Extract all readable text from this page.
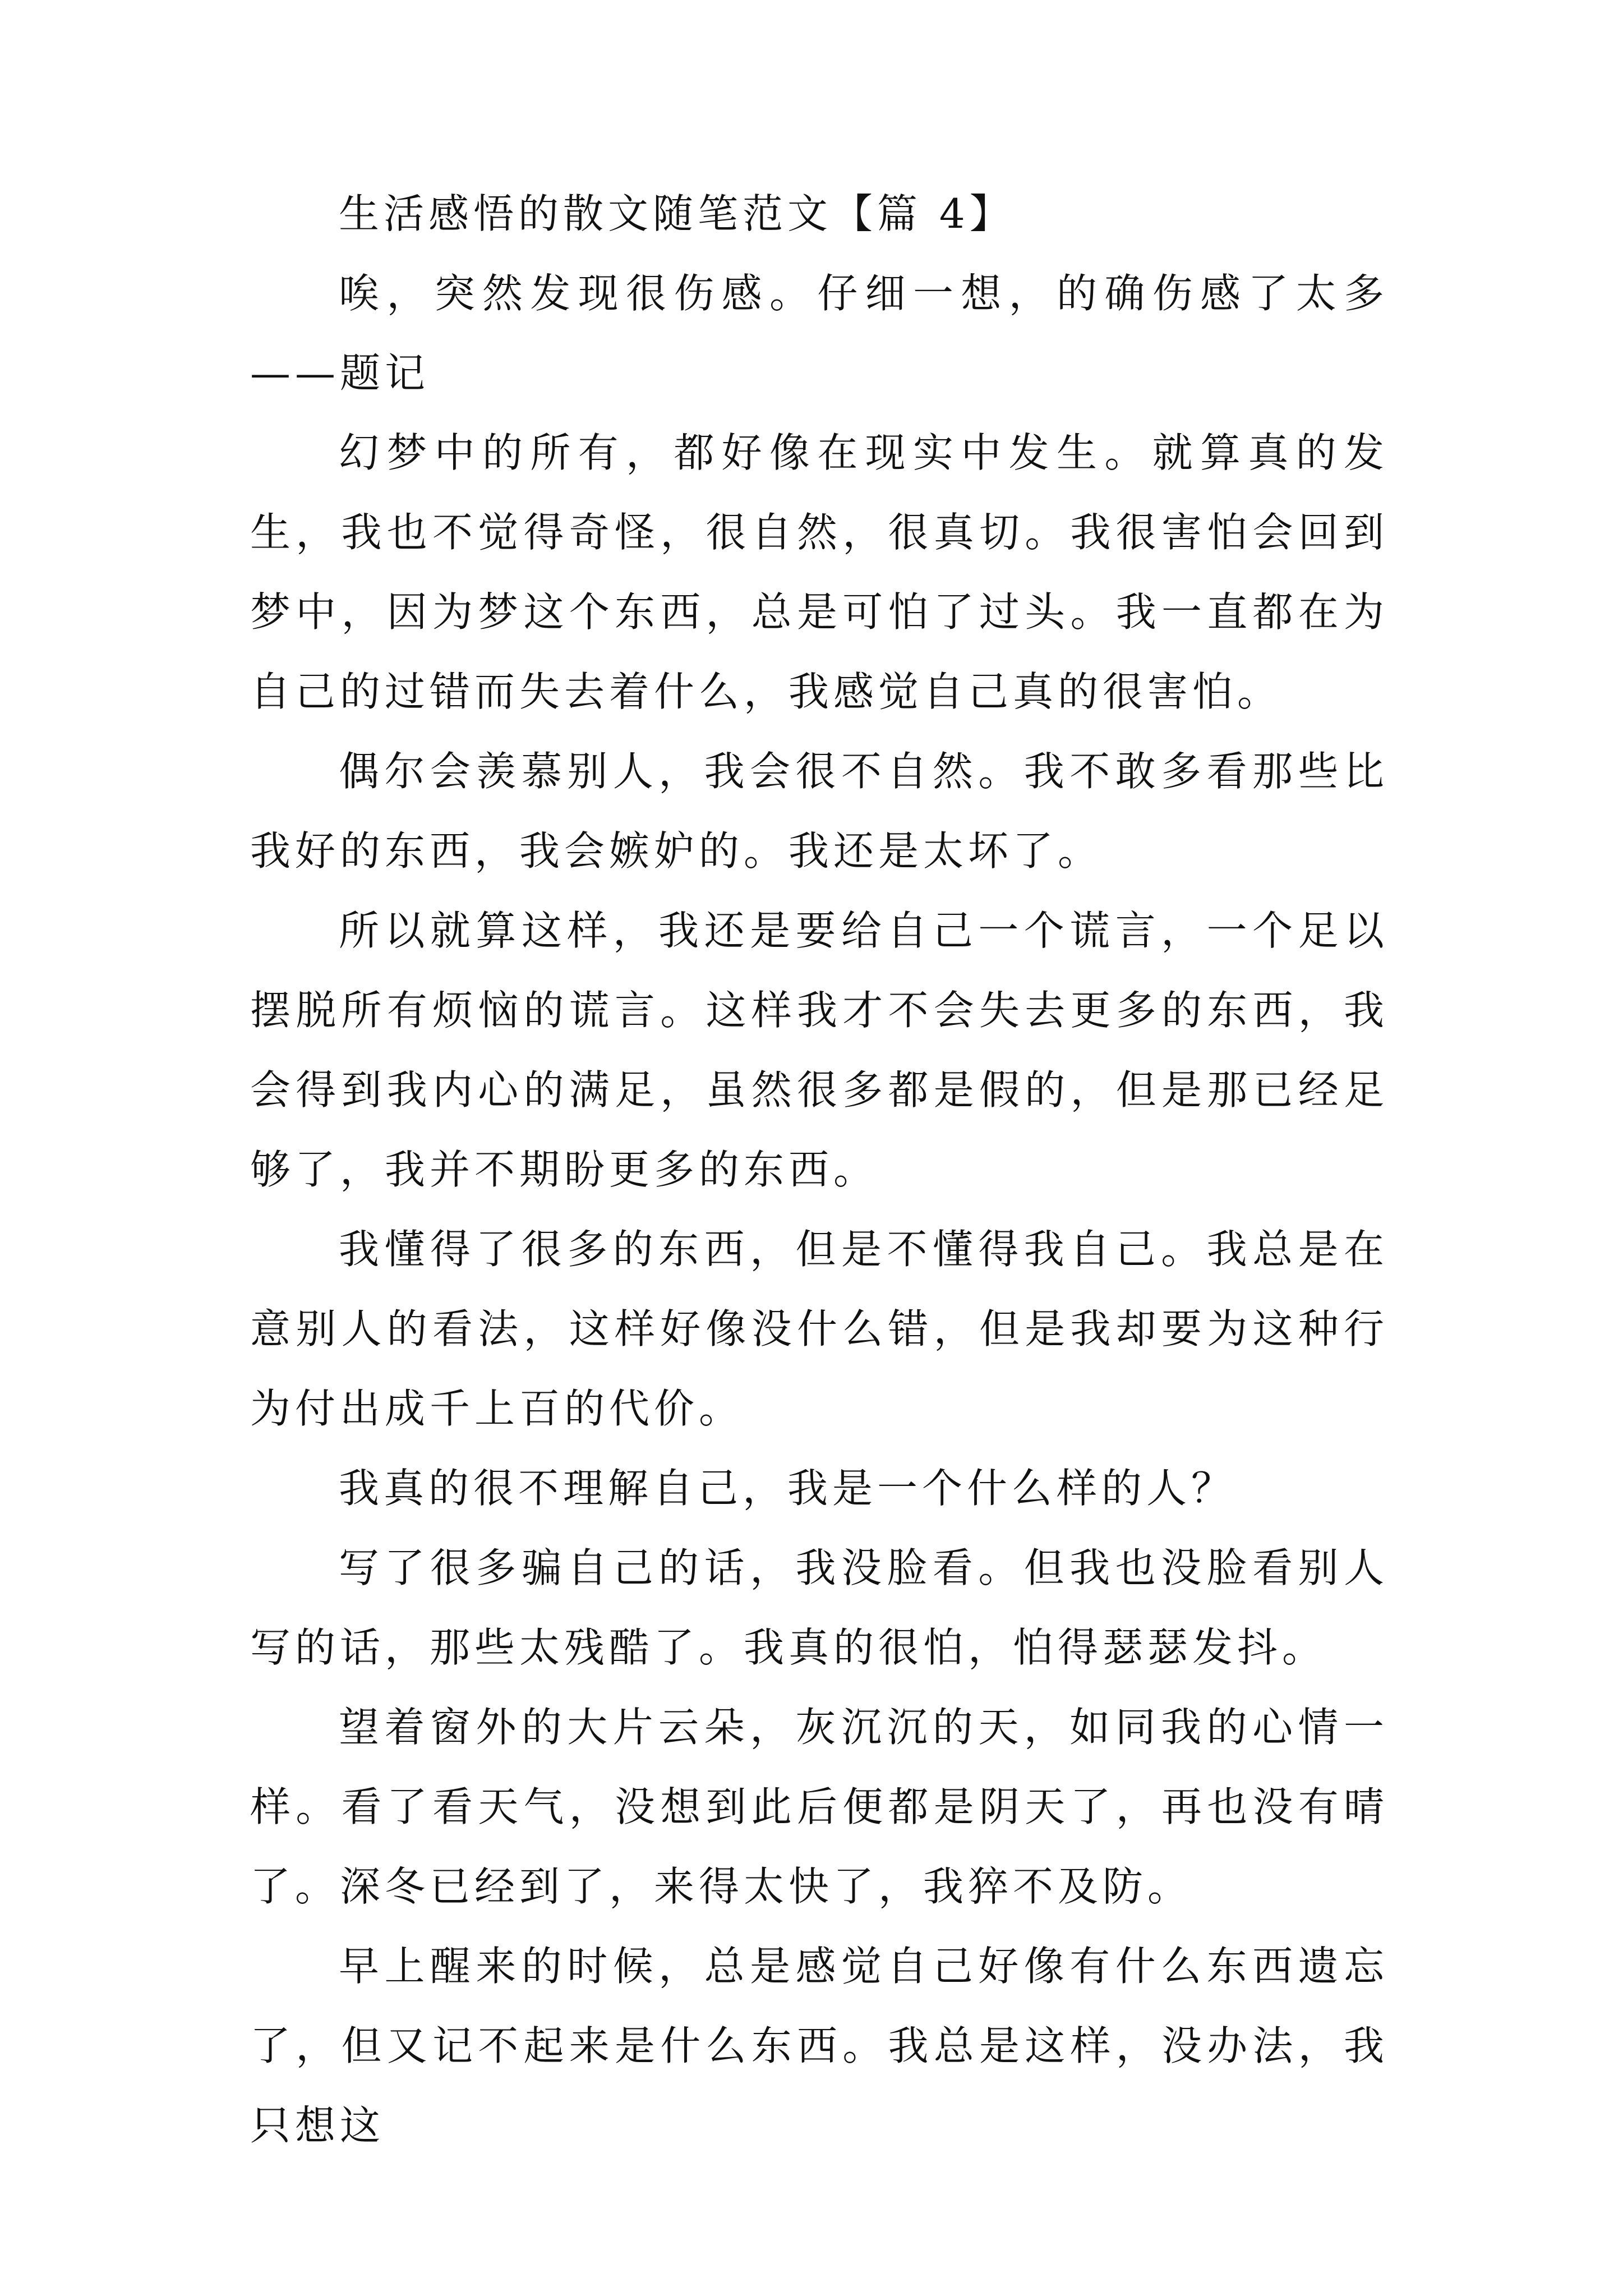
生活感悟的散文随笔范文【篇 4】

唉，突然发现很伤感。仔细一想，的确伤感了太多——题记

幻梦中的所有，都好像在现实中发生。就算真的发生，我也不觉得奇怪，很自然，很真切。我很害怕会回到梦中，因为梦这个东西，总是可怕了过头。我一直都在为自己的过错而失去着什么，我感觉自己真的很害怕。

偶尔会羡慕别人，我会很不自然。我不敢多看那些比我好的东西，我会嫉妒的。我还是太坏了。

所以就算这样，我还是要给自己一个谎言，一个足以摆脱所有烦恼的谎言。这样我才不会失去更多的东西，我会得到我内心的满足，虽然很多都是假的，但是那已经足够了，我并不期盼更多的东西。

我懂得了很多的东西，但是不懂得我自己。我总是在意别人的看法，这样好像没什么错，但是我却要为这种行为付出成千上百的代价。

我真的很不理解自己，我是一个什么样的人？

写了很多骗自己的话，我没脸看。但我也没脸看别人写的话，那些太残酷了。我真的很怕，怕得瑟瑟发抖。

望着窗外的大片云朵，灰沉沉的天，如同我的心情一样。看了看天气，没想到此后便都是阴天了，再也没有晴了。深冬已经到了，来得太快了，我猝不及防。

早上醒来的时候，总是感觉自己好像有什么东西遗忘了，但又记不起来是什么东西。我总是这样，没办法，我只想这
